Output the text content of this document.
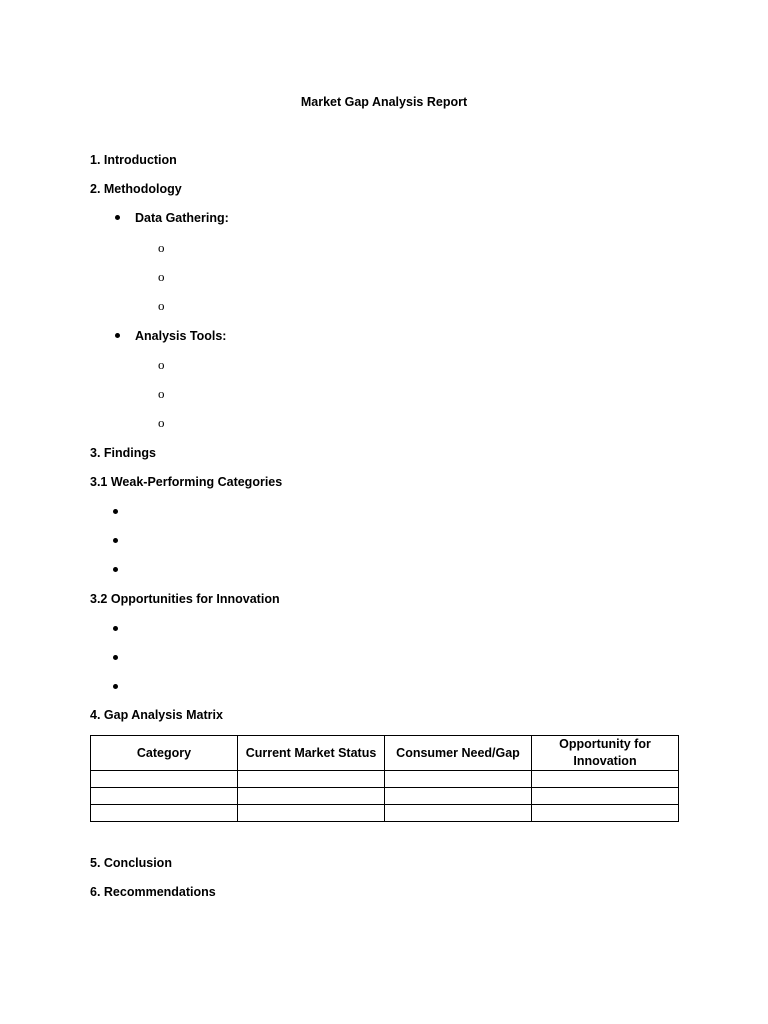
Market Gap Analysis Report
1. Introduction
2. Methodology
Data Gathering:
o
o
o
Analysis Tools:
o
o
o
3. Findings
3.1 Weak-Performing Categories
3.2 Opportunities for Innovation
4. Gap Analysis Matrix
Category	Current Market Status	Consumer Need/Gap	Opportunity for Innovation

5. Conclusion
6. Recommendations
